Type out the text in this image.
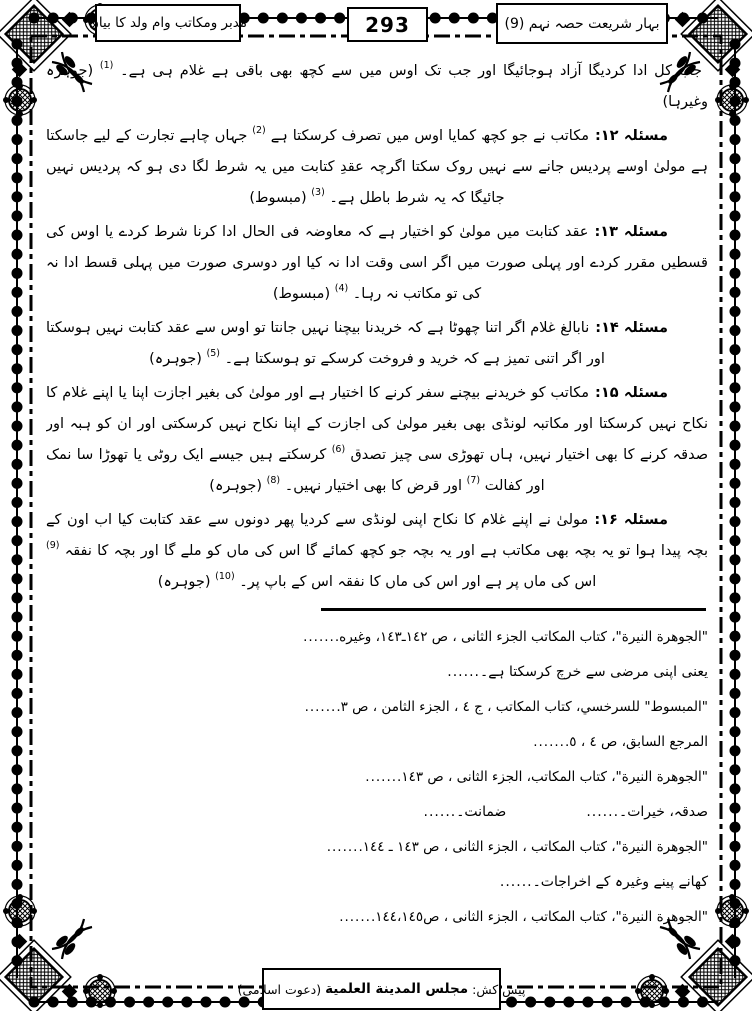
مدبر ومکاتب وام ولد کا بیان	293	بہار شریعت حصہ نہم (9)

جب کل ادا کردیگا آزاد ہوجائیگا اور جب تک اوس میں سے کچھ بھی باقی ہے غلام ہی ہے۔ $^{(1)}$ (جوہرہ وغیرہا)

مسئلہ ۱۲:مکاتب نے جو کچھ کمایا اوس میں تصرف کرسکتا ہے $^{(2)}$ جہاں چاہے تجارت کے لیے جاسکتا ہے مولیٰ اوسے پردیس جانے سے نہیں روک سکتا اگرچہ عقدِ کتابت میں یہ شرط لگا دی ہو کہ پردیس نہیں جائیگا کہ یہ شرط باطل ہے۔ $^{(3)}$ (مبسوط)

مسئلہ ۱۳:عقد کتابت میں مولیٰ کو اختیار ہے کہ معاوضہ فی الحال ادا کرنا شرط کردے یا اوس کی قسطیں مقرر کردے اور پہلی صورت میں اگر اسی وقت ادا نہ کیا اور دوسری صورت میں پہلی قسط ادا نہ کی تو مکاتب نہ رہا۔ $^{(4)}$ (مبسوط)

مسئلہ ۱۴:نابالغ غلام اگر اتنا چھوٹا ہے کہ خریدنا بیچنا نہیں جانتا تو اوس سے عقد کتابت نہیں ہوسکتا اور اگر اتنی تمیز ہے کہ خرید و فروخت کرسکے تو ہوسکتا ہے۔ $^{(5)}$ (جوہرہ)

مسئلہ ۱۵:مکاتب کو خریدنے بیچنے سفر کرنے کا اختیار ہے اور مولیٰ کی بغیر اجازت اپنا یا اپنے غلام کا نکاح نہیں کرسکتا اور مکاتبہ لونڈی بھی بغیر مولیٰ کی اجازت کے اپنا نکاح نہیں کرسکتی اور ان کو ہبہ اور صدقہ کرنے کا بھی اختیار نہیں، ہاں تھوڑی سی چیز تصدق $^{(6)}$ کرسکتے ہیں جیسے ایک روٹی یا تھوڑا سا نمک اور کفالت $^{(7)}$ اور قرض کا بھی اختیار نہیں۔ $^{(8)}$ (جوہرہ)

مسئلہ ۱۶:مولیٰ نے اپنے غلام کا نکاح اپنی لونڈی سے کردیا پھر دونوں سے عقد کتابت کیا اب اون کے بچہ پیدا ہوا تو یہ بچہ بھی مکاتب ہے اور یہ بچہ جو کچھ کمائے گا اس کی ماں کو ملے گا اور بچہ کا نفقہ $^{(9)}$ اس کی ماں پر ہے اور اس کی ماں کا نفقہ اس کے باپ پر۔ $^{(10)}$ (جوہرہ)

"الجوهرة النيرة"، كتاب المكاتب الجزء الثانى ، ص ١٤٢ـ١٤٣، وغيره.
......
یعنی اپنی مرضی سے خرچ کرسکتا ہے۔
......
"المبسوط" للسرخسي، كتاب المكاتب ، ج ٤ ، الجزء الثامن ، ص ٣.
......
المرجع السابق، ص ٤ ، ٥.
......
"الجوهرة النيرة"، كتاب المكاتب، الجزء الثانى ، ص ١٤٣.
......
صدقہ، خیرات۔
......
ضمانت۔
......
"الجوهرة النيرة"، كتاب المكاتب ، الجزء الثانى ، ص ١٤٣ ـ ١٤٤.
......
کھانے پینے وغیرہ کے اخراجات۔
......
"الجوهرة النيرة"، كتاب المكاتب ، الجزء الثانى ، ص١٤٤،١٤٥.
......
پیش کش:
مجلس المدينة العلمية
(دعوت اسلامی)
